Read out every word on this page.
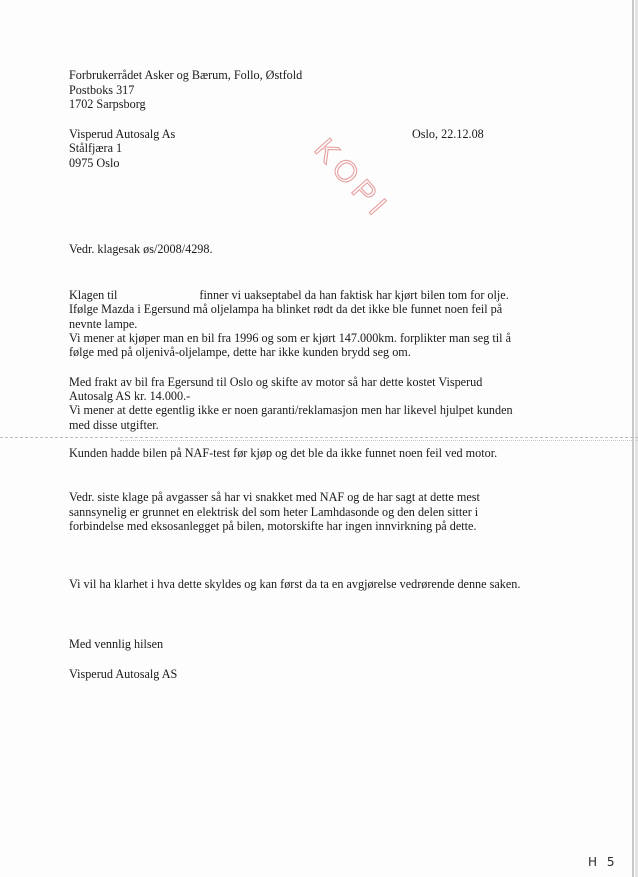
Forbrukerrådet Asker og Bærum, Follo, Østfold
Postboks 317
1702 Sarpsborg
Visperud Autosalg As
Stålfjæra 1
0975 Oslo
Oslo, 22.12.08
KOPI
Vedr. klagesak øs/2008/4298.
Klagen til	finner vi uakseptabel da han faktisk har kjørt bilen tom for olje.
Ifølge Mazda i Egersund må oljelampa ha blinket rødt da det ikke ble funnet noen feil på
nevnte lampe.
Vi mener at kjøper man en bil fra 1996 og som er kjørt 147.000km. forplikter man seg til å
følge med på oljenivå-oljelampe, dette har ikke kunden brydd seg om.
Med frakt av bil fra Egersund til Oslo og skifte av motor så har dette kostet Visperud
Autosalg AS kr. 14.000.-
Vi mener at dette egentlig ikke er noen garanti/reklamasjon men har likevel hjulpet kunden
med disse utgifter.
Kunden hadde bilen på NAF-test før kjøp og det ble da ikke funnet noen feil ved motor.
Vedr. siste klage på avgasser så har vi snakket med NAF og de har sagt at dette mest
sannsynelig er grunnet en elektrisk del som heter Lamhdasonde og den delen sitter i
forbindelse med eksosanlegget på bilen, motorskifte har ingen innvirkning på dette.
Vi vil ha klarhet i hva dette skyldes og kan først da ta en avgjørelse vedrørende denne saken.
Med vennlig hilsen
Visperud Autosalg AS
H 5
